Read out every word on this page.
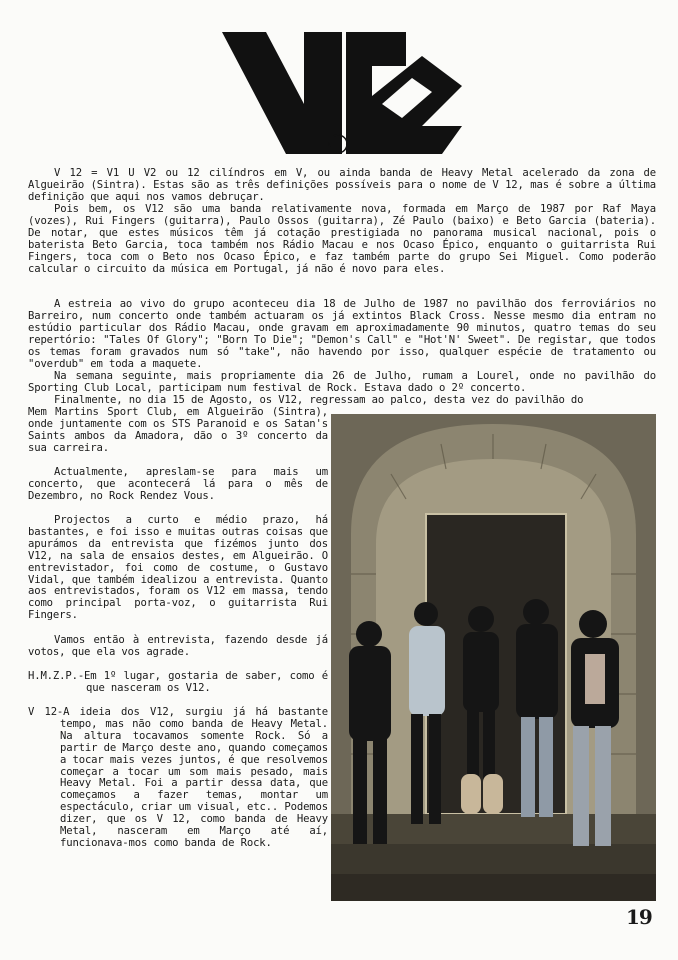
V 12 = V1 U V2 ou 12 cilíndros em V, ou ainda banda de Heavy Metal acelerado da zona de Algueirão (Sintra). Estas são as três definições possíveis para o nome de V 12, mas é sobre a última definição que aqui nos vamos debruçar.

Pois bem, os V12 são uma banda relativamente nova, formada em Março de 1987 por Raf Maya (vozes), Rui Fingers (guitarra), Paulo Ossos (guitarra), Zé Paulo (baixo) e Beto Garcia (bateria). De notar, que estes músicos têm já cotação prestigiada no panorama musical nacional, pois o baterista Beto Garcia, toca também nos Rádio Macau e nos Ocaso Épico, enquanto o guitarrista Rui Fingers, toca com o Beto nos Ocaso Épico, e faz também parte do grupo Sei Miguel. Como poderão calcular o circuito da música em Portugal, já não é novo para eles.

A estreia ao vivo do grupo aconteceu dia 18 de Julho de 1987 no pavilhão dos ferroviários no Barreiro, num concerto onde também actuaram os já extintos Black Cross. Nesse mesmo dia entram no estúdio particular dos Rádio Macau, onde gravam em aproximadamente 90 minutos, quatro temas do seu repertório: "Tales Of Glory"; "Born To Die"; "Demon's Call" e "Hot'N' Sweet". De registar, que todos os temas foram gravados num só "take", não havendo por isso, qualquer espécie de tratamento ou "overdub" em toda a maquete.

Na semana seguinte, mais propriamente dia 26 de Julho, rumam a Lourel, onde no pavilhão do Sporting Club Local, participam num festival de Rock. Estava dado o 2º concerto.

Finalmente, no dia 15 de Agosto, os V12, regressam ao palco, desta vez do pavilhão do

Mem Martins Sport Club, em Algueirão (Sintra), onde juntamente com os STS Paranoid e os Satan's Saints ambos da Amadora, dão o 3º concerto da sua carreira.

Actualmente, apreslam-se para mais um concerto, que acontecerá lá para o mês de Dezembro, no Rock Rendez Vous.

Projectos a curto e médio prazo, há bastantes, e foi isso e muitas outras coisas que apurámos da entrevista que fizémos junto dos V12, na sala de ensaios destes, em Algueirão. O entrevistador, foi como de costume, o Gustavo Vidal, que também idealizou a entrevista. Quanto aos entrevistados, foram os V12 em massa, tendo como principal porta-voz, o guitarrista Rui Fingers.

Vamos então à entrevista, fazendo desde já votos, que ela vos agrade.

H.M.Z.P.-Em 1º lugar, gostaria de saber, como é que nasceram os V12.

V 12-A ideia dos V12, surgiu já há bastante tempo, mas não como banda de Heavy Metal. Na altura tocavamos somente Rock. Só a partir de Março deste ano, quando começamos a tocar mais vezes juntos, é que resolvemos começar a tocar um som mais pesado, mais Heavy Metal. Foi a partir dessa data, que começamos a fazer temas, montar um espectáculo, criar um visual, etc.. Podemos dizer, que os V 12, como banda de Heavy Metal, nasceram em Março até aí, funcionava-mos como banda de Rock.

19
